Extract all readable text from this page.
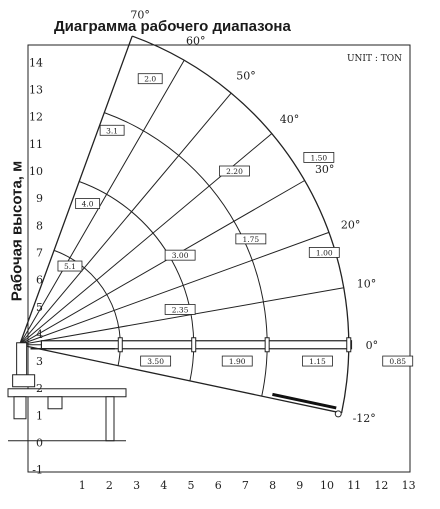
Диаграмма рабочего диапазона

Рабочая высота, м

UNIT : TON
1 2 3 4 5 6 7 8 9 10 11 12 13
-1
0
1
2
3
4
5
6
7
8
9
10
11
12
13
14
70°
60°
50°
40°
30°
20°
10°
0°
-12°
3.50
2.35
3.00
5.1
4.0
3.1
1.90
1.75
2.20
2.0
1.15
1.00
1.50
0.85
